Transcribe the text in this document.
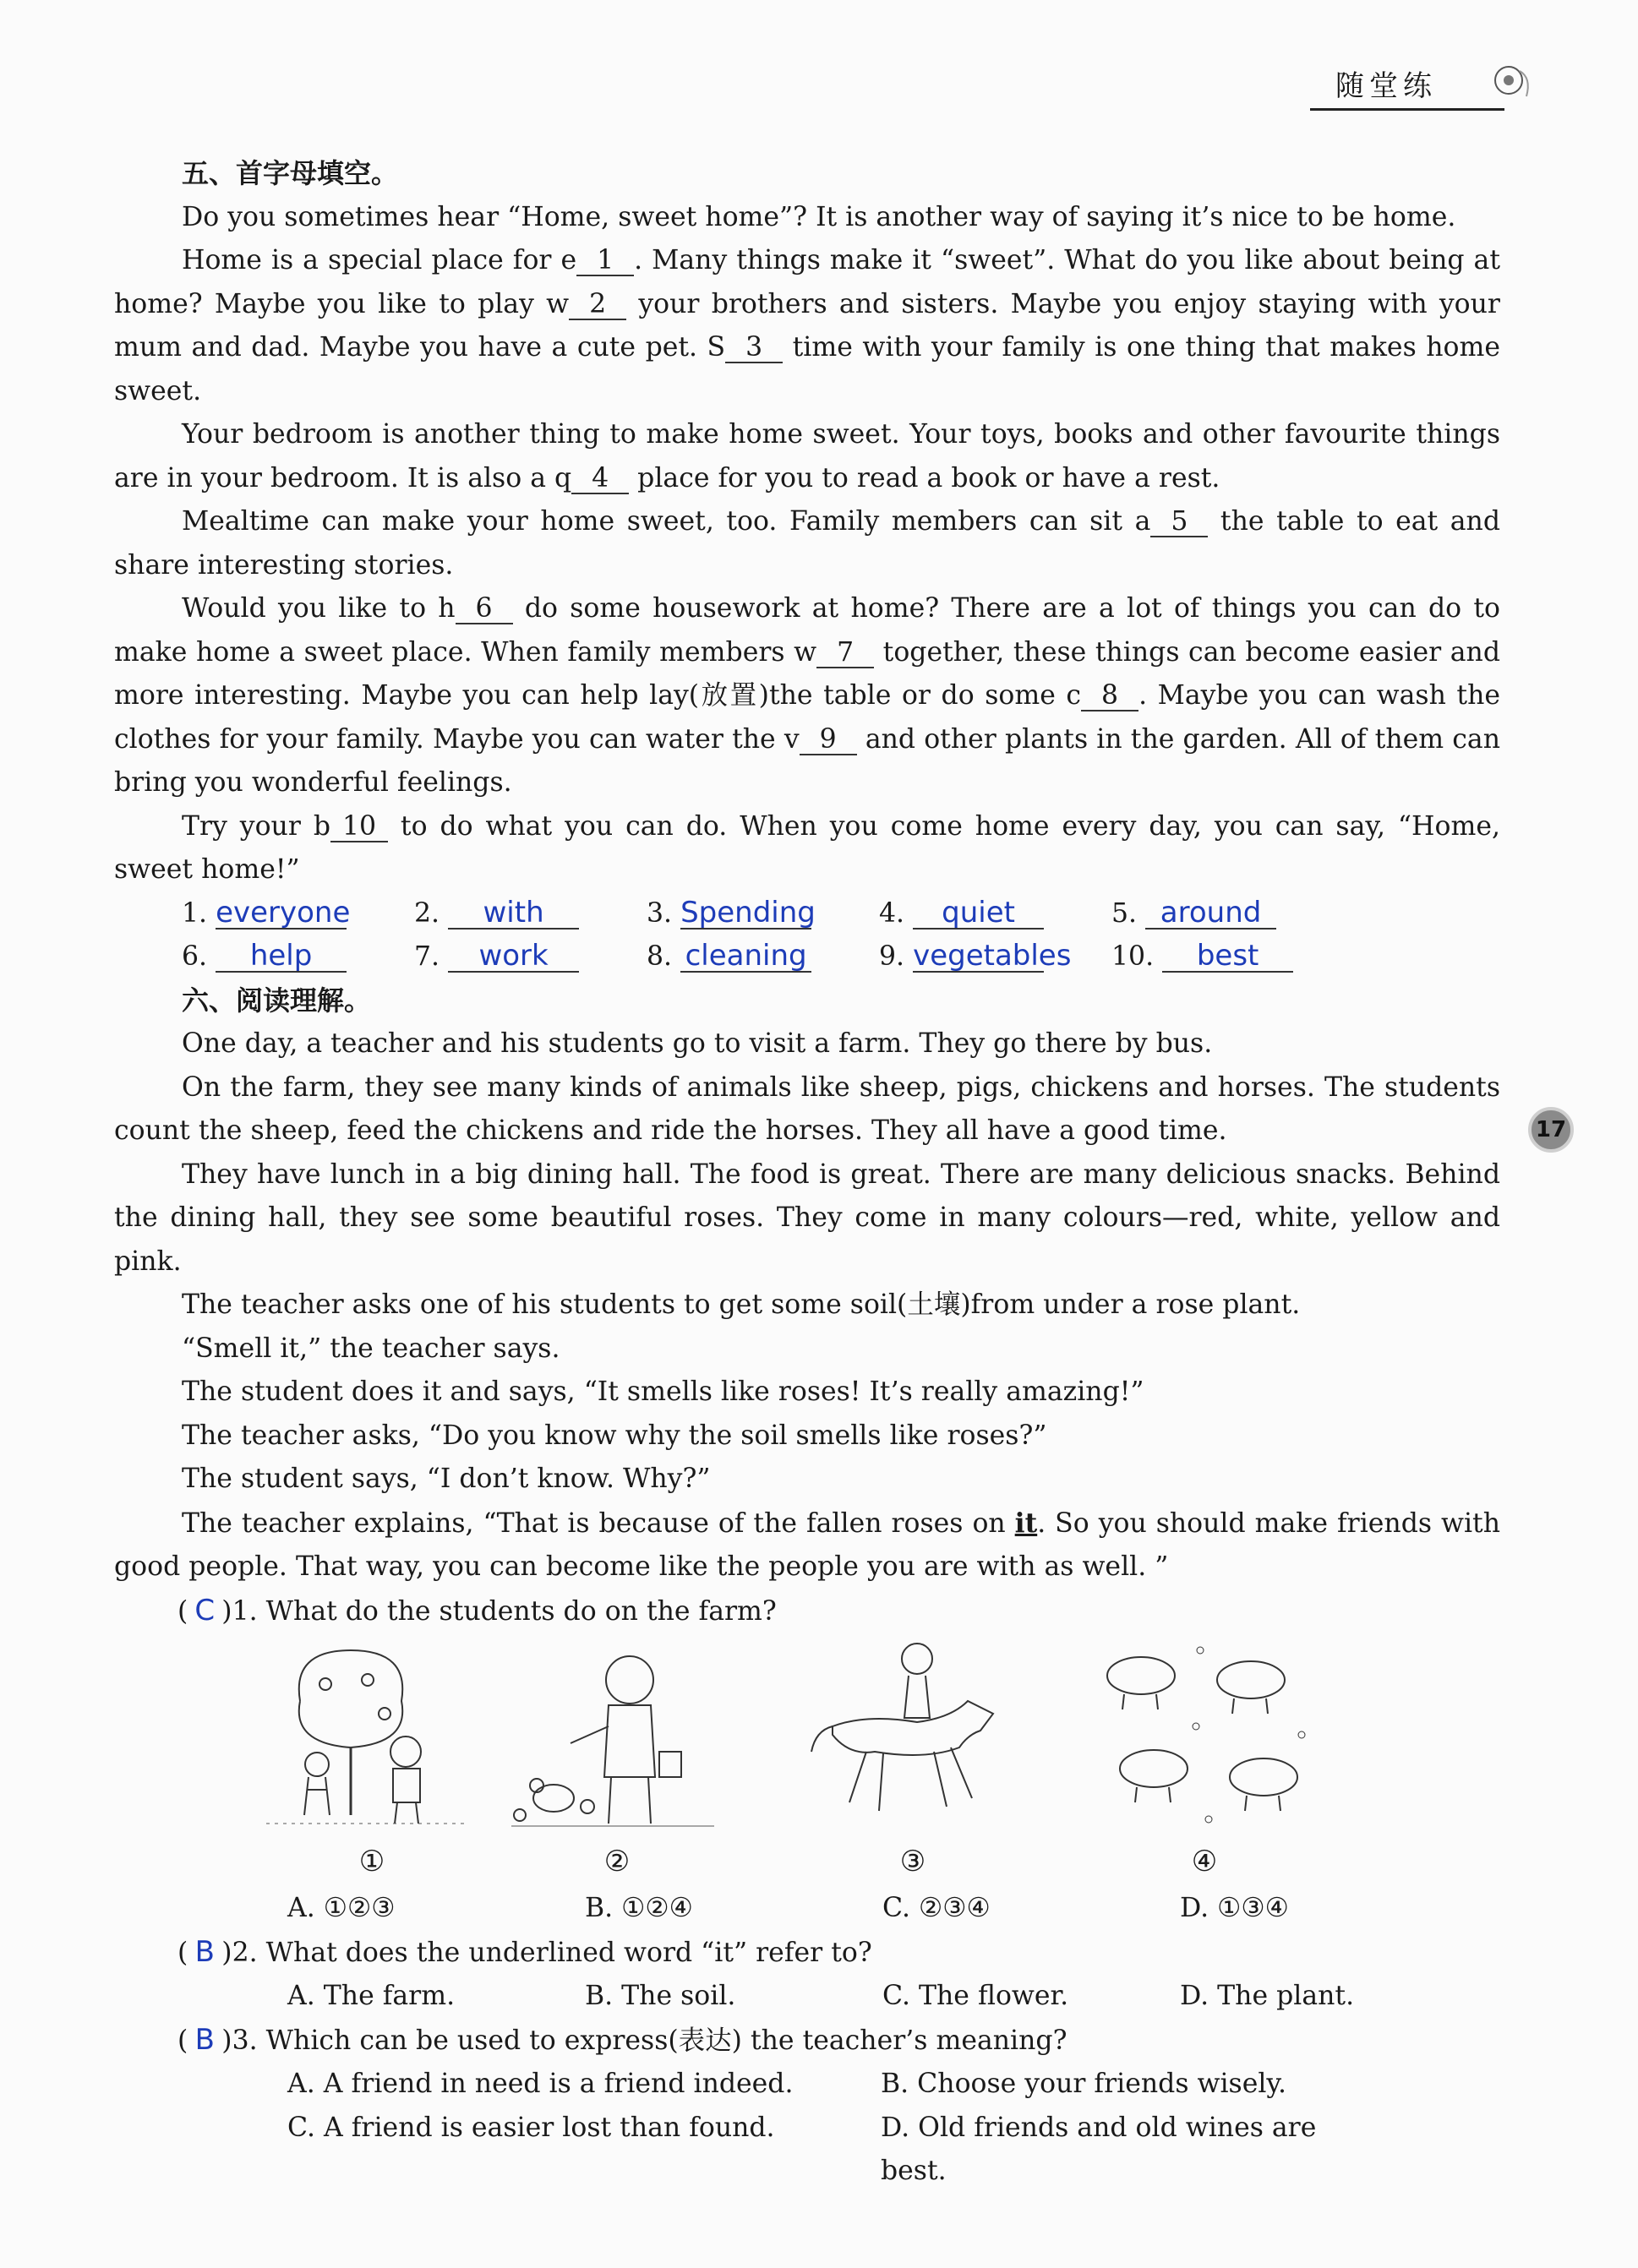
随堂练
17

五、首字母填空。

Do you sometimes hear “Home, sweet home”? It is another way of saying it’s nice to be home.

Home is a special place for e 1 . Many things make it “sweet”. What do you like about being at home? Maybe you like to play w 2 your brothers and sisters. Maybe you enjoy staying with your mum and dad. Maybe you have a cute pet. S 3 time with your family is one thing that makes home sweet.

Your bedroom is another thing to make home sweet. Your toys, books and other favourite things are in your bedroom. It is also a q 4 place for you to read a book or have a rest.

Mealtime can make your home sweet, too. Family members can sit a 5 the table to eat and share interesting stories.

Would you like to h 6 do some housework at home? There are a lot of things you can do to make home a sweet place. When family members w 7 together, these things can become easier and more interesting. Maybe you can help lay(放置)the table or do some c 8 . Maybe you can wash the clothes for your family. Maybe you can water the v 9 and other plants in the garden. All of them can bring you wonderful feelings.

Try your b 10 to do what you can do. When you come home every day, you can say, “Home, sweet home!”

1. everyone	2. with	3. Spending	4. quiet	5. around
6. help	7. work	8. cleaning	9. vegetables	10. best

六、阅读理解。

One day, a teacher and his students go to visit a farm. They go there by bus.

On the farm, they see many kinds of animals like sheep, pigs, chickens and horses. The students count the sheep, feed the chickens and ride the horses. They all have a good time.

They have lunch in a big dining hall. The food is great. There are many delicious snacks. Behind the dining hall, they see some beautiful roses. They come in many colours—red, white, yellow and pink.

The teacher asks one of his students to get some soil(土壤)from under a rose plant.

“Smell it,” the teacher says.

The student does it and says, “It smells like roses! It’s really amazing!”

The teacher asks, “Do you know why the soil smells like roses?”

The student says, “I don’t know. Why?”

The teacher explains, “That is because of the fallen roses on it. So you should make friends with good people. That way, you can become like the people you are with as well. ”

( C )1. What do the students do on the farm?

①	②	③	④
A. ①②③	B. ①②④	C. ②③④	D. ①③④

( B )2. What does the underlined word “it” refer to?

A. The farm.	B. The soil.	C. The flower.	D. The plant.

( B )3. Which can be used to express(表达) the teacher’s meaning?

A. A friend in need is a friend indeed.	B. Choose your friends wisely.
C. A friend is easier lost than found.	D. Old friends and old wines are best.
